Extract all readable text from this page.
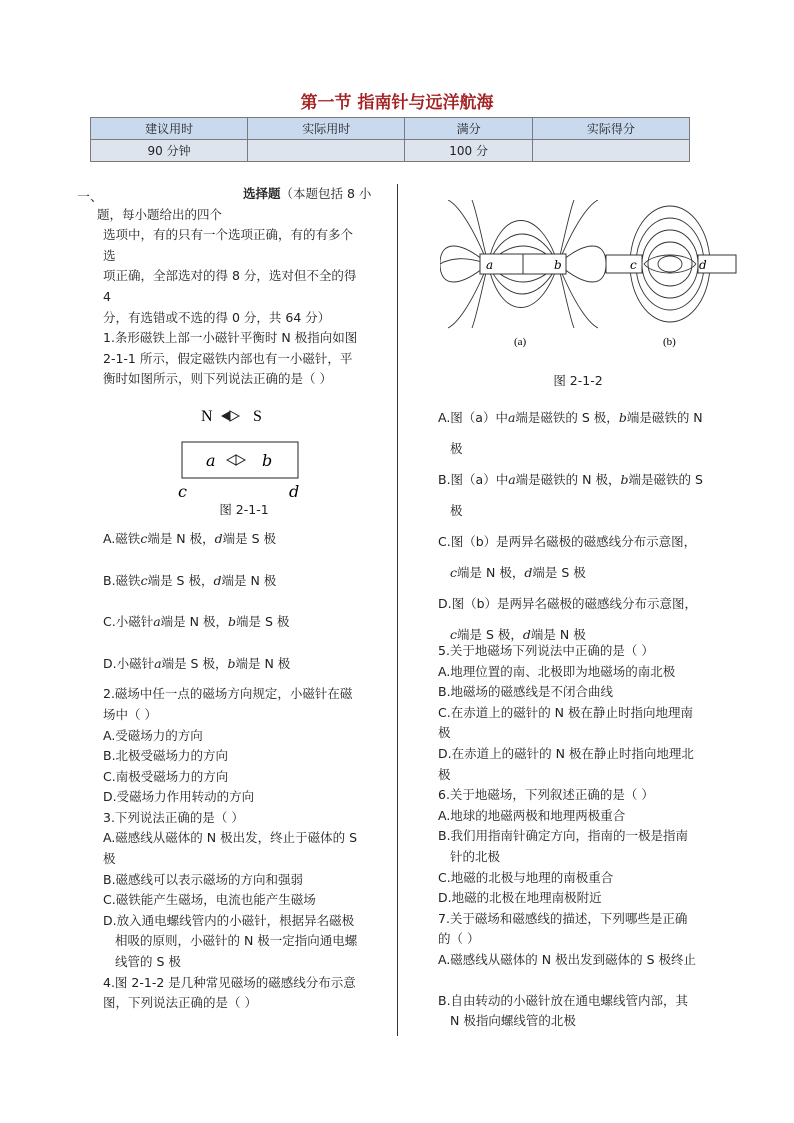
第一节 指南针与远洋航海
建议用时	实际用时	满分	实际得分
90 分钟		100 分	
一、	选择题（本题包括 8 小

题，每小题给出的四个

选项中，有的只有一个选项正确，有的有多个

选

项正确，全部选对的得 8 分，选对但不全的得

4

分，有选错或不选的得 0 分，共 64 分）

1.条形磁铁上部一小磁针平衡时 N 极指向如图

2-1-1 所示，假定磁铁内部也有一小磁针，平

衡时如图所示，则下列说法正确的是（ ）

N	S
a	b
c	d

图 2-1-1

A.磁铁c端是 N 极，d端是 S 极

B.磁铁c端是 S 极，d端是 N 极

C.小磁针a端是 N 极，b端是 S 极

D.小磁针a端是 S 极，b端是 N 极

2.磁场中任一点的磁场方向规定，小磁针在磁

场中（ ）

A.受磁场力的方向

B.北极受磁场力的方向

C.南极受磁场力的方向

D.受磁场力作用转动的方向

3.下列说法正确的是（ ）

A.磁感线从磁体的 N 极出发，终止于磁体的 S

极

B.磁感线可以表示磁场的方向和强弱

C.磁铁能产生磁场，电流也能产生磁场

D.放入通电螺线管内的小磁针，根据异名磁极

相吸的原则，小磁针的 N 极一定指向通电螺

线管的 S 极

4.图 2-1-2 是几种常见磁场的磁感线分布示意

图，下列说法正确的是（ ）

a	b
(a)
c	d
(b)

图 2-1-2

A.图（a）中a端是磁铁的 S 极，b端是磁铁的 N

极

B.图（a）中a端是磁铁的 N 极，b端是磁铁的 S

极

C.图（b）是两异名磁极的磁感线分布示意图，

c端是 N 极，d端是 S 极

D.图（b）是两异名磁极的磁感线分布示意图，

c端是 S 极，d端是 N 极

5.关于地磁场下列说法中正确的是（ ）

A.地理位置的南、北极即为地磁场的南北极

B.地磁场的磁感线是不闭合曲线

C.在赤道上的磁针的 N 极在静止时指向地理南

极

D.在赤道上的磁针的 N 极在静止时指向地理北

极

6.关于地磁场，下列叙述正确的是（ ）

A.地球的地磁两极和地理两极重合

B.我们用指南针确定方向，指南的一极是指南

针的北极

C.地磁的北极与地理的南极重合

D.地磁的北极在地理南极附近

7.关于磁场和磁感线的描述，下列哪些是正确

的（ ）

A.磁感线从磁体的 N 极出发到磁体的 S 极终止

B.自由转动的小磁针放在通电螺线管内部，其

N 极指向螺线管的北极
